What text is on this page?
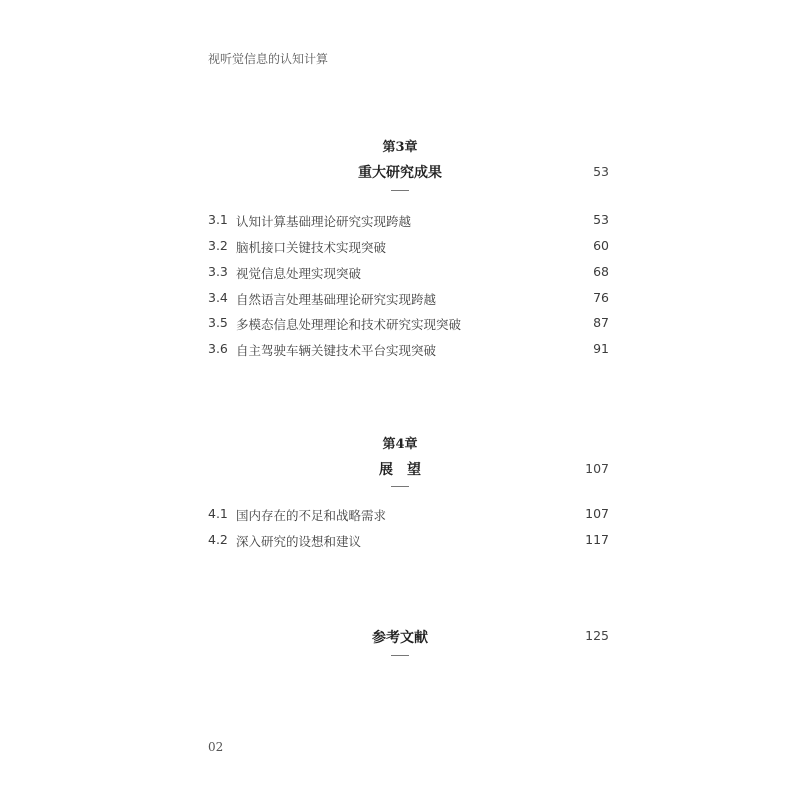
视听觉信息的认知计算
第3章
重大研究成果	53
3.1 认知计算基础理论研究实现跨越	53
3.2 脑机接口关键技术实现突破	60
3.3 视觉信息处理实现突破	68
3.4 自然语言处理基础理论研究实现跨越	76
3.5 多模态信息处理理论和技术研究实现突破	87
3.6 自主驾驶车辆关键技术平台实现突破	91
第4章
展　望	107
4.1 国内存在的不足和战略需求	107
4.2 深入研究的设想和建议	117
参考文献	125
02
